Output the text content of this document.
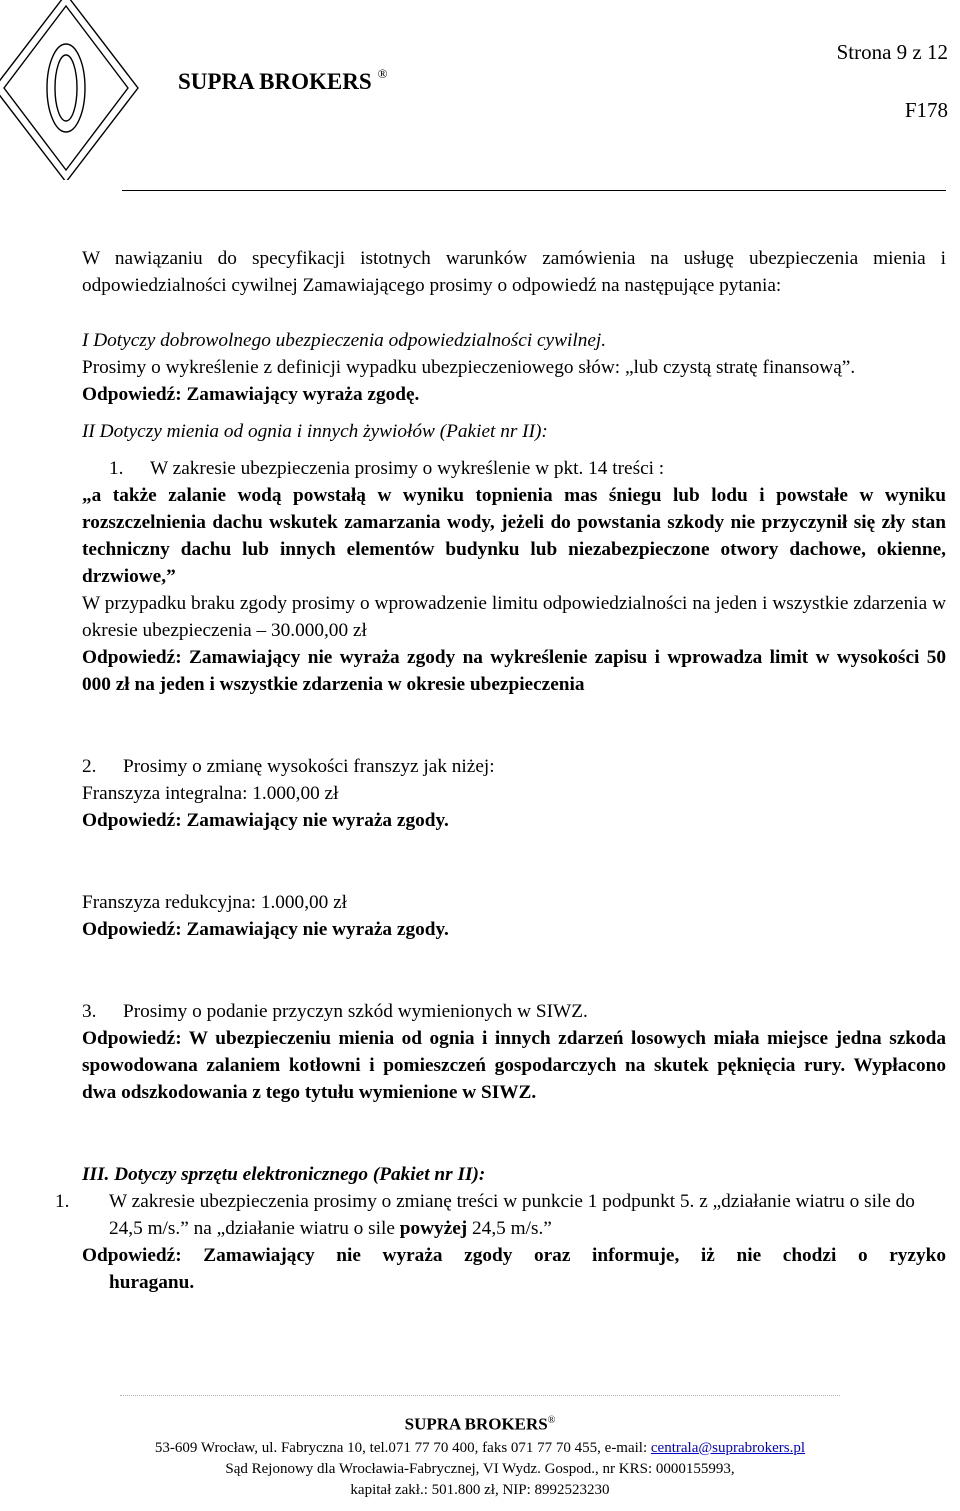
SUPRA BROKERS ®
Strona 9 z 12
F178

W nawiązaniu do specyfikacji istotnych warunków zamówienia na usługę ubezpieczenia mienia i odpowiedzialności cywilnej Zamawiającego prosimy o odpowiedź na następujące pytania:

I Dotyczy dobrowolnego ubezpieczenia odpowiedzialności cywilnej.

Prosimy o wykreślenie z definicji wypadku ubezpieczeniowego słów: „lub czystą stratę finansową”.

Odpowiedź: Zamawiający wyraża zgodę.

II Dotyczy mienia od ognia i innych żywiołów (Pakiet nr II):

1. W zakresie ubezpieczenia prosimy o wykreślenie w pkt. 14 treści :

„a także zalanie wodą powstałą w wyniku topnienia mas śniegu lub lodu i powstałe w wyniku rozszczelnienia dachu wskutek zamarzania wody, jeżeli do powstania szkody nie przyczynił się zły stan techniczny dachu lub innych elementów budynku lub niezabezpieczone otwory dachowe, okienne, drzwiowe,”

W przypadku braku zgody prosimy o wprowadzenie limitu odpowiedzialności na jeden i wszystkie zdarzenia w okresie ubezpieczenia – 30.000,00 zł

Odpowiedź: Zamawiający nie wyraża zgody na wykreślenie zapisu i wprowadza limit w wysokości 50 000 zł na jeden i wszystkie zdarzenia w okresie ubezpieczenia

2. Prosimy o zmianę wysokości franszyz jak niżej:

Franszyza integralna: 1.000,00 zł

Odpowiedź: Zamawiający nie wyraża zgody.

Franszyza redukcyjna: 1.000,00 zł

Odpowiedź: Zamawiający nie wyraża zgody.

3. Prosimy o podanie przyczyn szkód wymienionych w SIWZ.

Odpowiedź: W ubezpieczeniu mienia od ognia i innych zdarzeń losowych miała miejsce jedna szkoda spowodowana zalaniem kotłowni i pomieszczeń gospodarczych na skutek pęknięcia rury. Wypłacono dwa odszkodowania z tego tytułu wymienione w SIWZ.

III. Dotyczy sprzętu elektronicznego (Pakiet nr II):

1. W zakresie ubezpieczenia prosimy o zmianę treści w punkcie 1 podpunkt 5. z „działanie wiatru o sile do 24,5 m/s.” na „działanie wiatru o sile powyżej 24,5 m/s.”

Odpowiedź: Zamawiający nie wyraża zgody oraz informuje, iż nie chodzi o ryzyko

huraganu.

SUPRA BROKERS®
53-609 Wrocław, ul. Fabryczna 10, tel.071 77 70 400, faks 071 77 70 455, e-mail: centrala@suprabrokers.pl
Sąd Rejonowy dla Wrocławia-Fabrycznej, VI Wydz. Gospod., nr KRS: 0000155993,
kapitał zakł.: 501.800 zł, NIP: 8992523230
